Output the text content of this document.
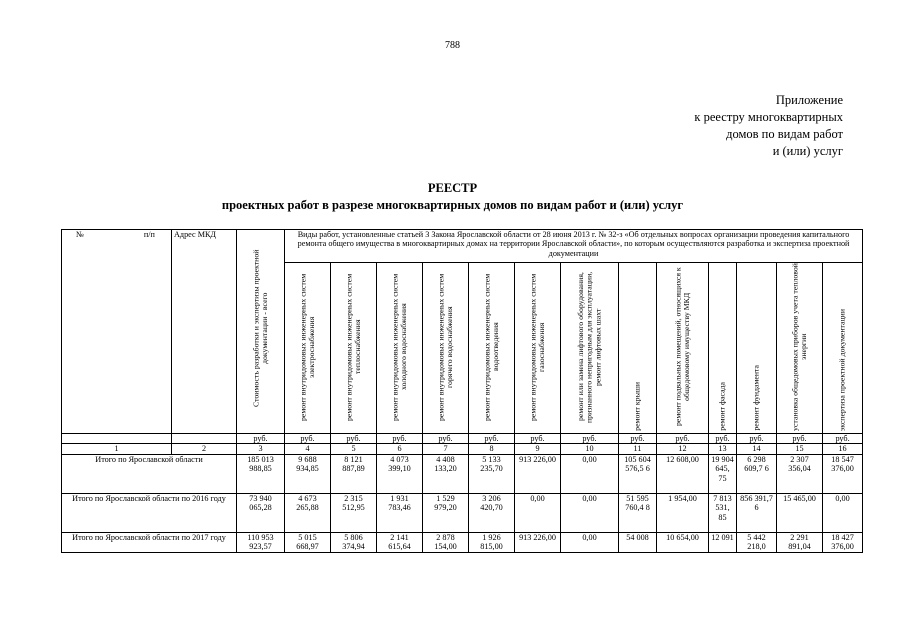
788
Приложение
к реестру многоквартирных
домов по видам работ
и (или) услуг
РЕЕСТР
проектных работ в разрезе многоквартирных домов по видам работ и (или) услуг
№ п/п	Адрес МКД	Стоимость разработки и экспертизы проектной документации - всего	Виды работ, установленные статьей 3 Закона Ярославской области от 28 июня 2013 г. № 32-з «Об отдельных вопросах организации проведения капитального ремонта общего имущества в многоквартирных домах на территории Ярославской области», по которым осуществляются разработка и экспертиза проектной документации												

			ремонт внутридомовых инженерных систем электроснабжения	ремонт внутридомовых инженерных систем теплоснабжения	ремонт внутридомовых инженерных систем холодного водоснабжения	ремонт внутридомовых инженерных систем горячего водоснабжения	ремонт внутридомовых инженерных систем водоотведения	ремонт внутридомовых инженерных систем газоснабжения	ремонт или замена лифтового оборудования, признанного непригодным для эксплуатации, ремонт лифтовых шахт	ремонт крыши	ремонт подвальных помещений, относящихся к общедомовому имуществу МКД	ремонт фасада	ремонт фундамента	установка общедомовых приборов учета тепловой энергии	экспертиза проектной документации

		руб.	руб.	руб.	руб.	руб.	руб.	руб.	руб.	руб.	руб.	руб.	руб.	руб.	руб.
1	2	3	4	5	6	7	8	9	10	11	12	13	14	15	16
Итого по Ярославской области		185 013 988,85	9 688 934,85	8 121 887,89	4 073 399,10	4 408 133,20	5 133 235,70	913 226,00	0,00	105 604 576,5 6	12 608,00	19 904 645, 75	6 298 609,7 6	2 307 356,04	18 547 376,00
Итого по Ярославской области по 2016 году		73 940 065,28	4 673 265,88	2 315 512,95	1 931 783,46	1 529 979,20	3 206 420,70	0,00	0,00	51 595 760,4 8	1 954,00	7 813 531, 85	856 391,7 6	15 465,00	0,00
Итого по Ярославской области по 2017 году		110 953 923,57	5 015 668,97	5 806 374,94	2 141 615,64	2 878 154,00	1 926 815,00	913 226,00	0,00	54 008	10 654,00	12 091	5 442 218,0	2 291 891,04	18 427 376,00
